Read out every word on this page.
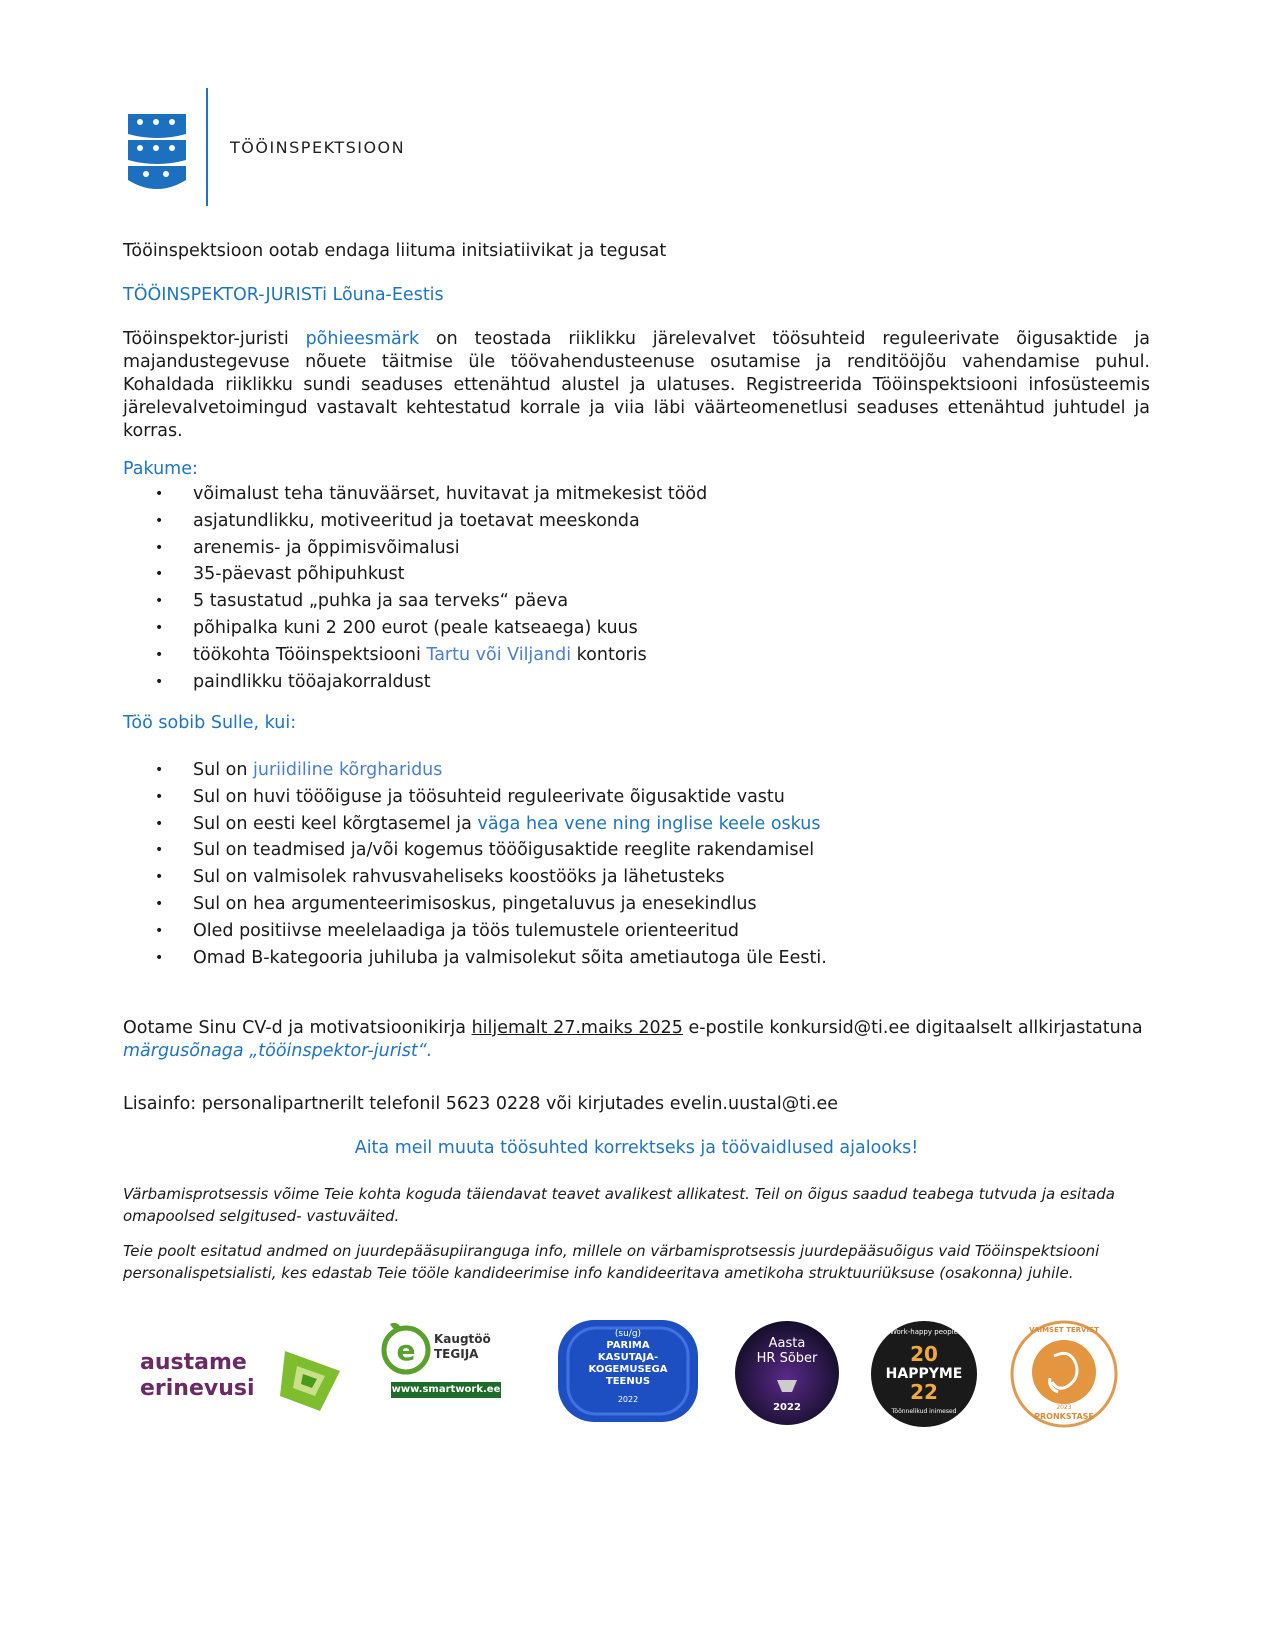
TÖÖINSPEKTSIOON
Tööinspektsioon ootab endaga liituma initsiatiivikat ja tegusat
TÖÖINSPEKTOR-JURISTi Lõuna-Eestis
Tööinspektor-juristi põhieesmärk on teostada riiklikku järelevalvet töösuhteid reguleerivate õigusaktide ja majandustegevuse nõuete täitmise üle töövahendusteenuse osutamise ja renditööjõu vahendamise puhul. Kohaldada riiklikku sundi seaduses ettenähtud alustel ja ulatuses. Registreerida Tööinspektsiooni infosüsteemis järelevalvetoimingud vastavalt kehtestatud korrale ja viia läbi väärteomenetlusi seaduses ettenähtud juhtudel ja korras.
Pakume:
• võimalust teha tänuväärset, huvitavat ja mitmekesist tööd
• asjatundlikku, motiveeritud ja toetavat meeskonda
• arenemis- ja õppimisvõimalusi
• 35-päevast põhipuhkust
• 5 tasustatud „puhka ja saa terveks“ päeva
• põhipalka kuni 2 200 eurot (peale katseaega) kuus
• töökohta Tööinspektsiooni Tartu või Viljandi kontoris
• paindlikku tööajakorraldust
Töö sobib Sulle, kui:
• Sul on juriidiline kõrgharidus
• Sul on huvi tööõiguse ja töösuhteid reguleerivate õigusaktide vastu
• Sul on eesti keel kõrgtasemel ja väga hea vene ning inglise keele oskus
• Sul on teadmised ja/või kogemus tööõigusaktide reeglite rakendamisel
• Sul on valmisolek rahvusvaheliseks koostööks ja lähetusteks
• Sul on hea argumenteerimisoskus, pingetaluvus ja enesekindlus
• Oled positiivse meelelaadiga ja töös tulemustele orienteeritud
• Omad B-kategooria juhiluba ja valmisolekut sõita ametiautoga üle Eesti.
Ootame Sinu CV-d ja motivatsioonikirja hiljemalt 27.maiks 2025 e-postile konkursid@ti.ee digitaalselt allkirjastatuna
märgusõnaga „tööinspektor-jurist“.
Lisainfo: personalipartnerilt telefonil 5623 0228 või kirjutades evelin.uustal@ti.ee
Aita meil muuta töösuhted korrektseks ja töövaidlused ajalooks!
Värbamisprotsessis võime Teie kohta koguda täiendavat teavet avalikest allikatest. Teil on õigus saadud teabega tutvuda ja esitada omapoolsed selgitused- vastuväited.
Teie poolt esitatud andmed on juurdepääsupiiranguga info, millele on värbamisprotsessis juurdepääsuõigus vaid Tööinspektsiooni personalispetsialisti, kes edastab Teie tööle kandideerimise info kandideeritava ametikoha struktuuriüksuse (osakonna) juhile.
austame
erinevusi
e Kaugtöö
TEGIJA
www.smartwork.ee
(su/g)
PARIMA
KASUTAJA-
KOGEMUSEGA
TEENUS
2022
Aasta
HR Sõber
2022
Work-happy people
20
HAPPYME
22
Töönnelikud inimesed
VAIMSET TERVIST
2023
PRONKSTASE
